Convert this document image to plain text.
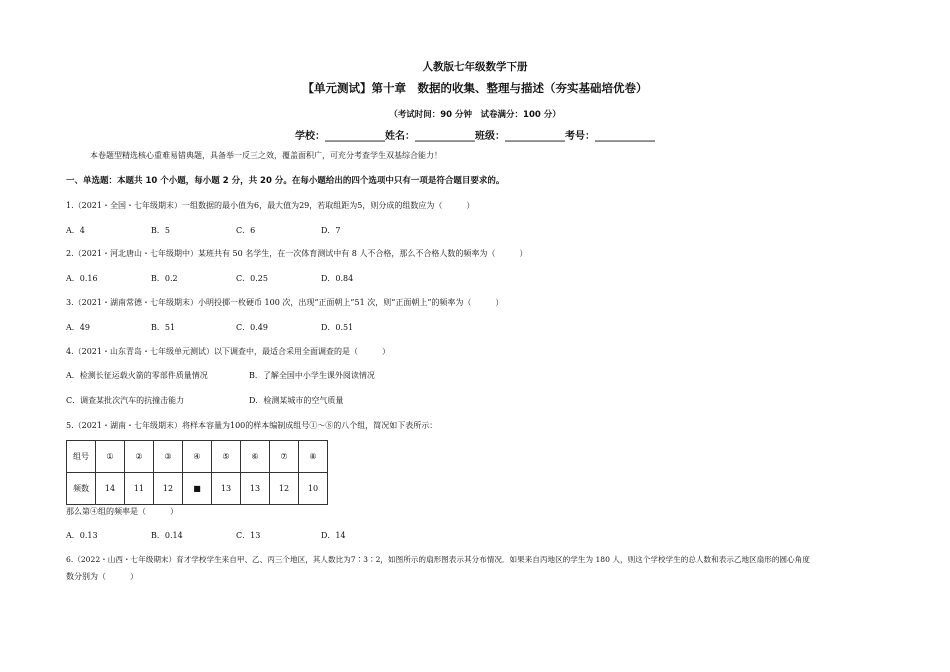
人教版七年级数学下册
【单元测试】第十章　数据的收集、整理与描述（夯实基础培优卷）
（考试时间：90 分钟　试卷满分：100 分）
学校：____________姓名：____________班级：____________考号：____________
本卷题型精选核心重难易错典题，具备举一反三之效，覆盖面积广，可充分考查学生双基综合能力！
一、单选题：本题共 10 个小题，每小题 2 分，共 20 分。在每小题给出的四个选项中只有一项是符合题目要求的。
1.（2021・全国・七年级期末）一组数据的最小值为6，最大值为29，若取组距为5，则分成的组数应为（　　　）
A．4	B．5	C．6	D．7
2.（2021・河北唐山・七年级期中）某班共有 50 名学生，在一次体育测试中有 8 人不合格，那么不合格人数的频率为（　　　）
A．0.16	B．0.2	C．0.25	D．0.84
3.（2021・湖南常德・七年级期末）小明投掷一枚硬币 100 次，出现“正面朝上”51 次，则“正面朝上”的频率为（　　　）
A．49	B．51	C．0.49	D．0.51
4.（2021・山东青岛・七年级单元测试）以下调查中，最适合采用全面调查的是（　　　）
A．检测长征运载火箭的零部件质量情况	B．了解全国中小学生课外阅读情况
C．调查某批次汽车的抗撞击能力	D．检测某城市的空气质量
5.（2021・湖南・七年级期末）将样本容量为100的样本编制成组号①～⑧的八个组，简况如下表所示：
组号	①	②	③	④	⑤	⑥	⑦	⑧
频数	14	11	12	■	13	13	12	10
那么第④组的频率是（　　　）
A．0.13	B．0.14	C．13	D．14
6.（2022・山西・七年级期末）育才学校学生来自甲、乙、丙三个地区，其人数比为7∶3∶2，如图所示的扇形图表示其分布情况．如果来自丙地区的学生为 180 人，则这个学校学生的总人数和表示乙地区扇形的圆心角度
数分别为（　　　）
